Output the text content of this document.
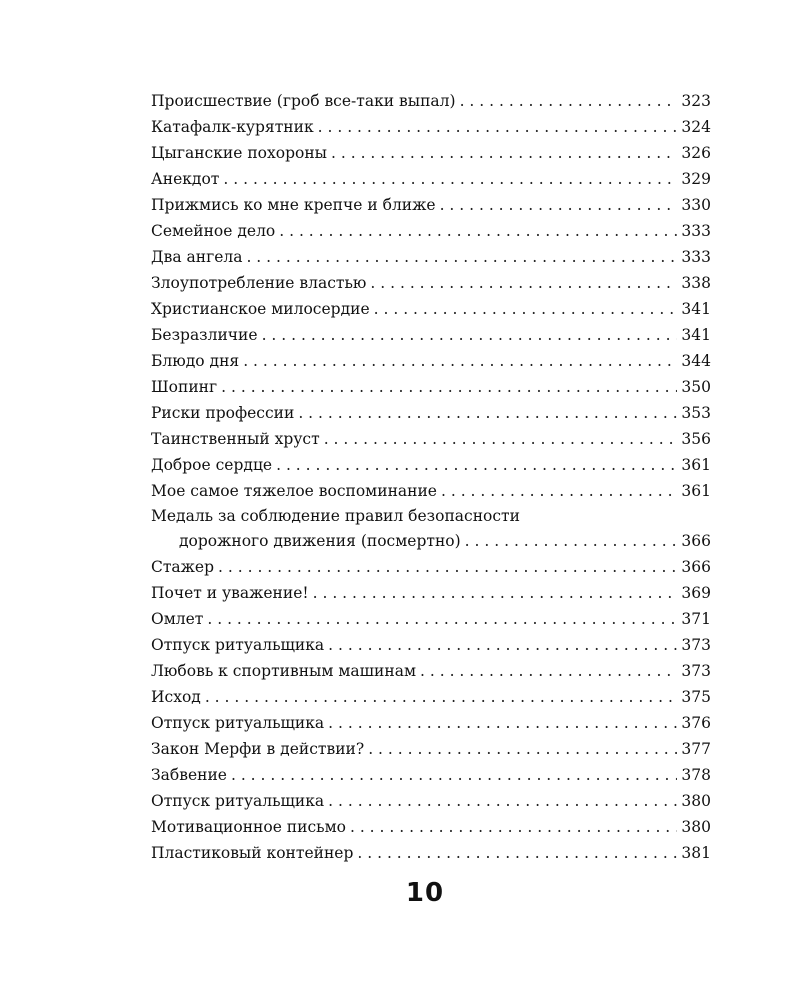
Происшествие (гроб все-таки выпал) . . .	323
Катафалк-курятник . . .	324
Цыганские похороны . . .	326
Анекдот . . .	329
Прижмись ко мне крепче и ближе . . .	330
Семейное дело . . .	333
Два ангела . . .	333
Злоупотребление властью . . .	338
Христианское милосердие . . .	341
Безразличие . . .	341
Блюдо дня . . .	344
Шопинг . . .	350
Риски профессии . . .	353
Таинственный хруст . . .	356
Доброе сердце . . .	361
Мое самое тяжелое воспоминание . . .	361
Медаль за соблюдение правил безопасности
дорожного движения (посмертно) . . .	366
Стажер . . .	366
Почет и уважение! . . .	369
Омлет . . .	371
Отпуск ритуальщика . . .	373
Любовь к спортивным машинам . . .	373
Исход . . .	375
Отпуск ритуальщика . . .	376
Закон Мерфи в действии? . . .	377
Забвение . . .	378
Отпуск ритуальщика . . .	380
Мотивационное письмо . . .	380
Пластиковый контейнер . . .	381
10
